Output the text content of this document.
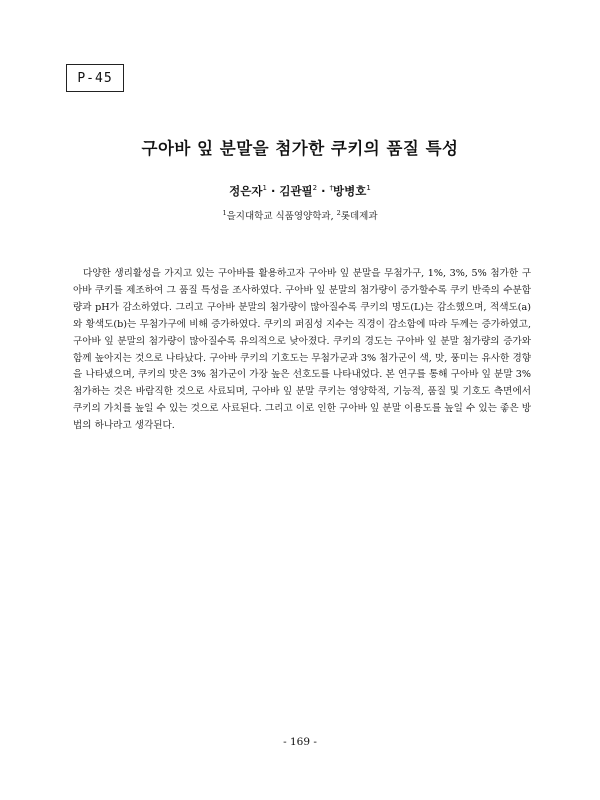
P-45
구아바 잎 분말을 첨가한 쿠키의 품질 특성
정은자$^1$ · 김관필$^2$ · †방병호$^1$
$^1$을지대학교 식품영양학과, $^2$롯데제과

다양한 생리활성을 가지고 있는 구아바를 활용하고자 구아바 잎 분말을 무첨가구, 1%, 3%, 5% 첨가한 구아바 쿠키를 제조하여 그 품질 특성을 조사하였다. 구아바 잎 분말의 첨가량이 증가할수록 쿠키 반죽의 수분함량과 pH가 감소하였다. 그리고 구아바 분말의 첨가량이 많아질수록 쿠키의 명도(L)는 감소했으며, 적색도(a)와 황색도(b)는 무첨가구에 비해 증가하였다. 쿠키의 퍼짐성 지수는 직경이 감소함에 따라 두께는 증가하였고, 구아바 잎 분말의 첨가량이 많아질수록 유의적으로 낮아졌다. 쿠키의 경도는 구아바 잎 분말 첨가량의 증가와 함께 높아지는 것으로 나타났다. 구아바 쿠키의 기호도는 무첨가군과 3% 첨가군이 색, 맛, 풍미는 유사한 경향을 나타냈으며, 쿠키의 맛은 3% 첨가군이 가장 높은 선호도를 나타내었다. 본 연구를 통해 구아바 잎 분말 3% 첨가하는 것은 바람직한 것으로 사료되며, 구아바 잎 분말 쿠키는 영양학적, 기능적, 품질 및 기호도 측면에서 쿠키의 가치를 높일 수 있는 것으로 사료된다. 그리고 이로 인한 구아바 잎 분말 이용도를 높일 수 있는 좋은 방법의 하나라고 생각된다.

- 169 -
